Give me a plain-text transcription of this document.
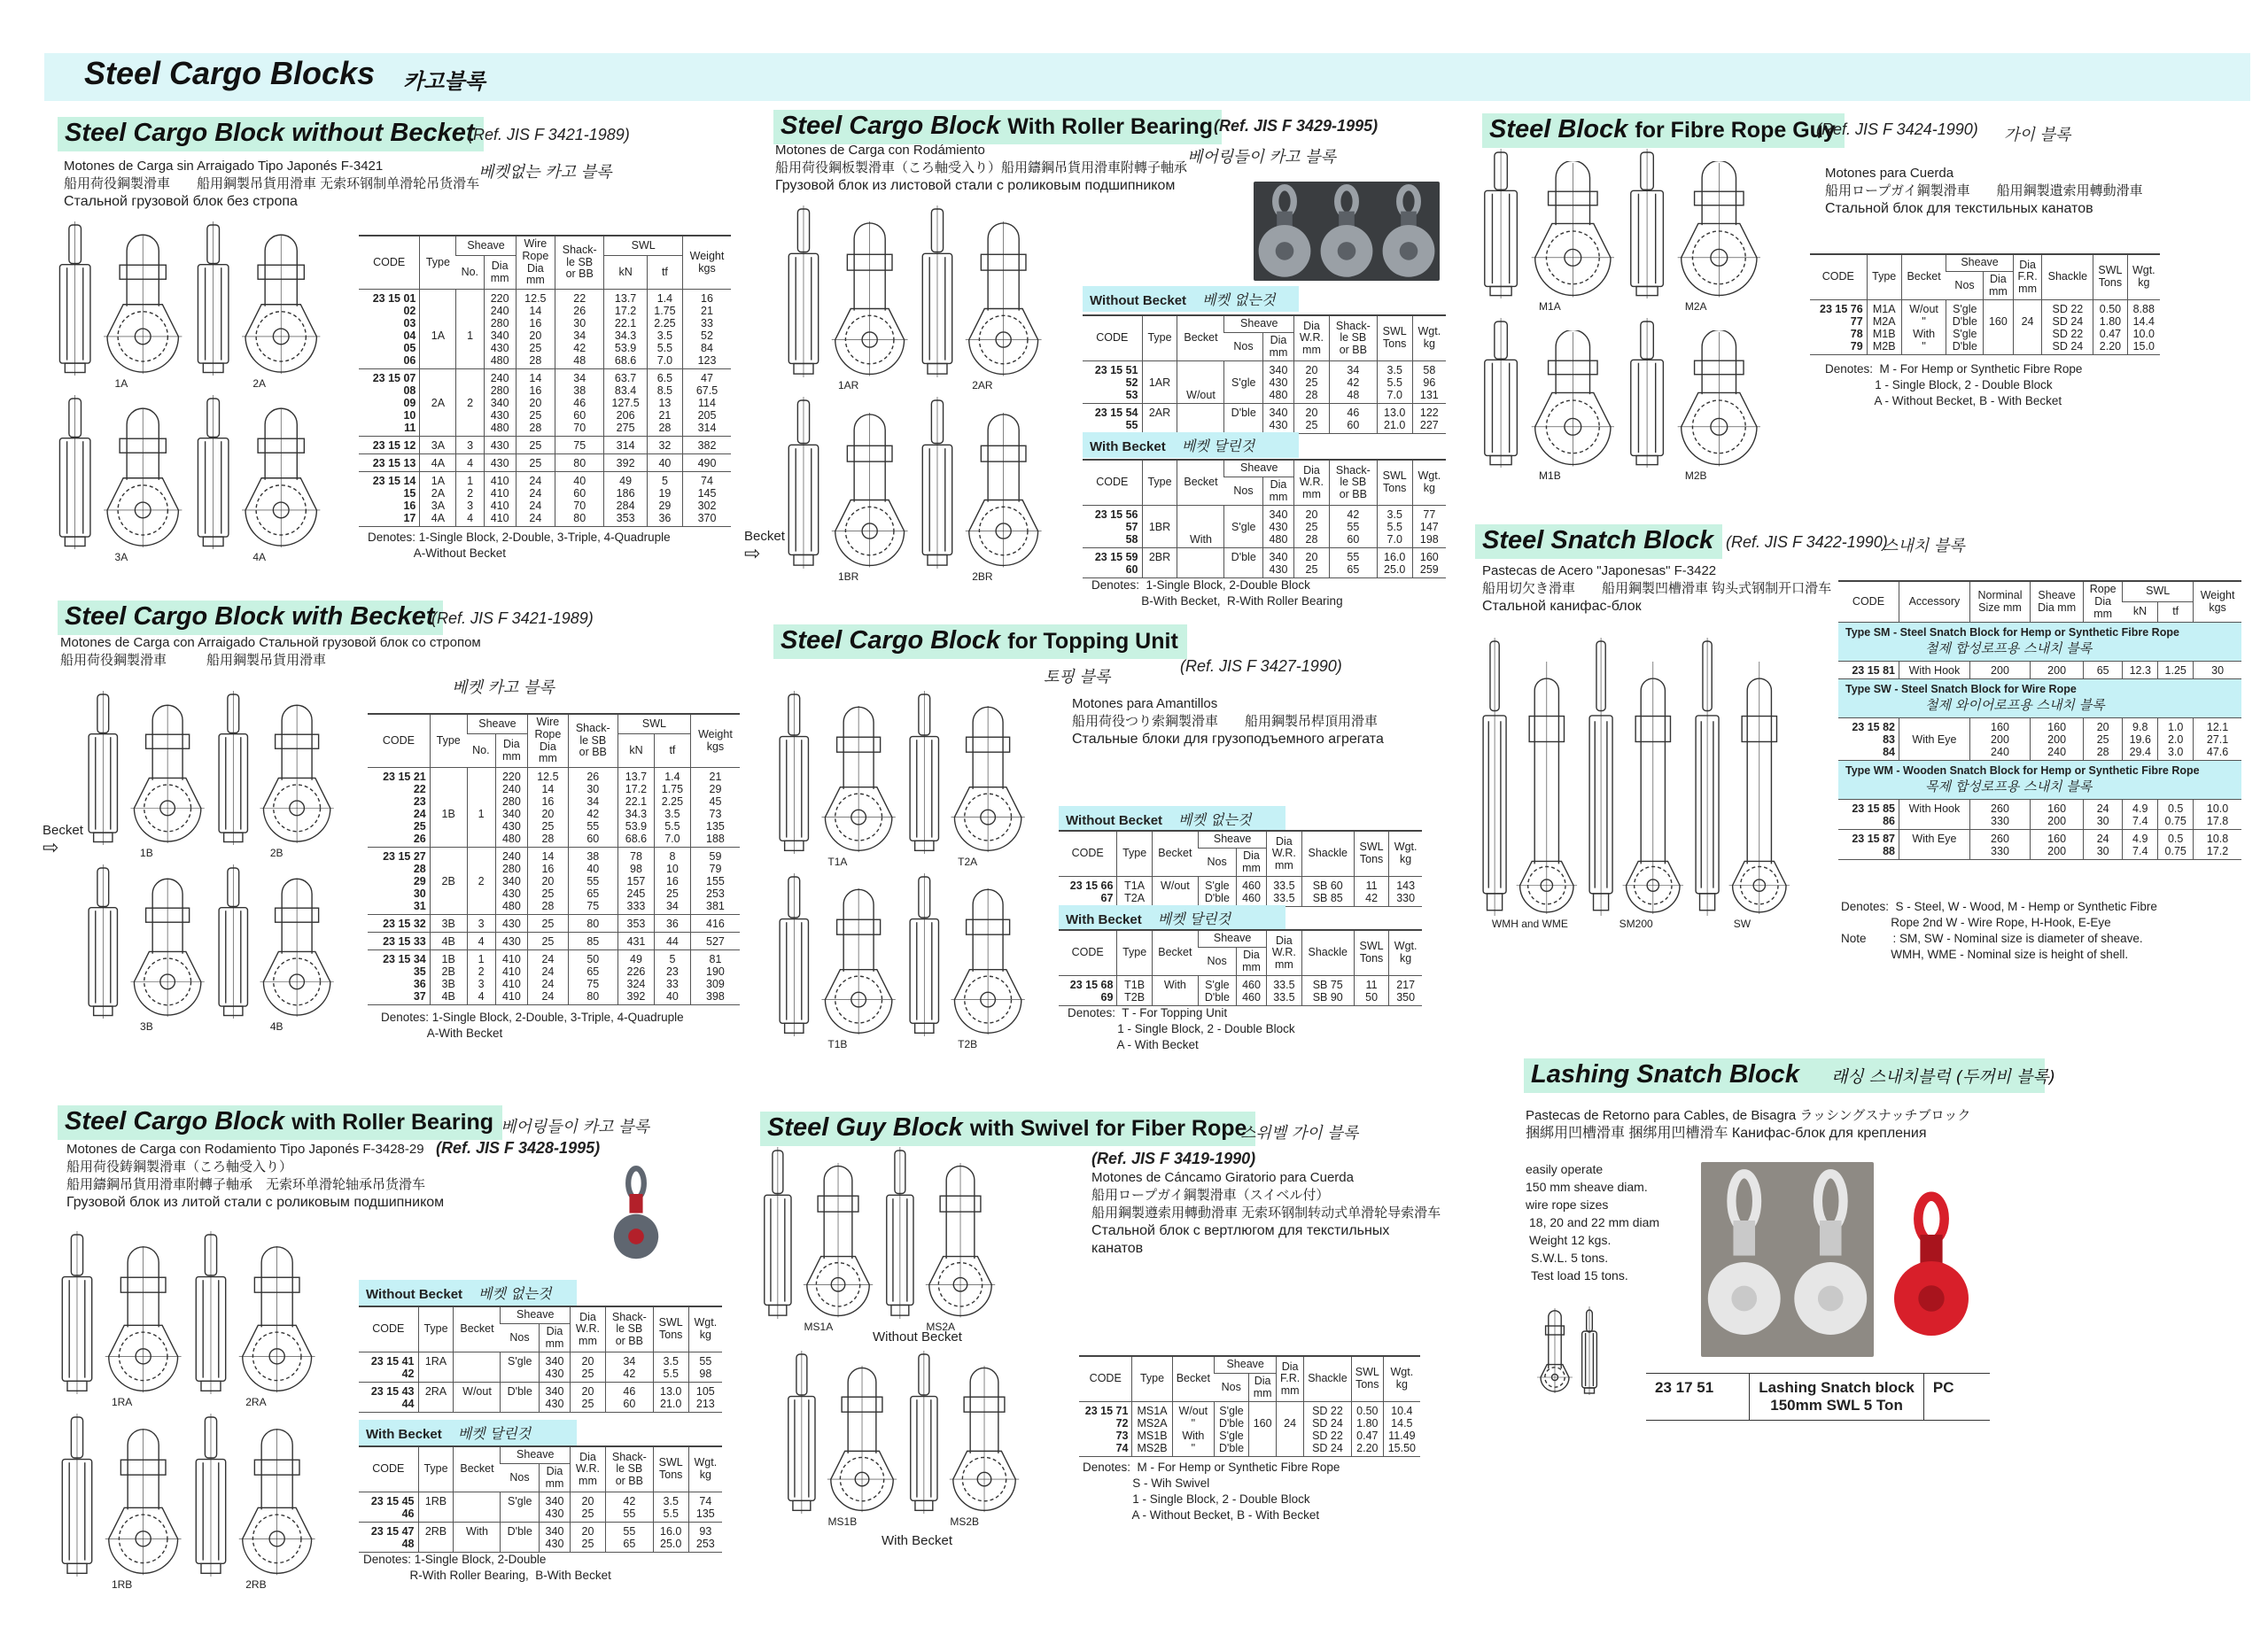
Steel Cargo Blocks 카고블록
Steel Cargo Block without Becket
(Ref. JIS F 3421-1989)
베켓없는 카고 블록
Motones de Carga sin Arraigado Tipo Japonés F-3421
船用荷役鋼製滑車　　船用鋼製吊貨用滑車 无索环钢制单滑轮吊货滑车
Стальной грузовой блок без стропа
1A	2A
3A	4A
CODE	Type	Sheave		Wire
Rope
Dia
mm	Shack-
le SB
or BB	SWL		Weight
kgs
		No.	Dia
mm			kN	tf	
23 15 01			220	12.5	22	13.7	1.4	16
02			240	14	26	17.2	1.75	21
03			280	16	30	22.1	2.25	33
04	1A	1	340	20	34	34.3	3.5	52
05			430	25	42	53.9	5.5	84
06			480	28	48	68.6	7.0	123
23 15 07			240	14	34	63.7	6.5	47
08			280	16	38	83.4	8.5	67.5
09	2A	2	340	20	46	127.5	13	114
10			430	25	60	206	21	205
11			480	28	70	275	28	314
23 15 12	3A	3	430	25	75	314	32	382
23 15 13	4A	4	430	25	80	392	40	490
23 15 14	1A	1	410	24	40	49	5	74
15	2A	2	410	24	60	186	19	145
16	3A	3	410	24	70	284	29	302
17	4A	4	410	24	80	353	36	370
Denotes: 1-Single Block, 2-Double, 3-Triple, 4-Quadruple
A-Without Becket
Steel Cargo Block with Becket
(Ref. JIS F 3421-1989)
Motones de Carga con Arraigado Стальной грузовой блок со стропом
船用荷役鋼製滑車　　　船用鋼製吊貨用滑車
베켓 카고 블록
Becket
⇨	1B	2B
3B	4B
CODE	Type	Sheave		Wire
Rope
Dia
mm	Shack-
le SB
or BB	SWL		Weight
kgs
		No.	Dia
mm			kN	tf	
23 15 21			220	12.5	26	13.7	1.4	21
22			240	14	30	17.2	1.75	29
23			280	16	34	22.1	2.25	45
24	1B	1	340	20	42	34.3	3.5	73
25			430	25	55	53.9	5.5	135
26			480	28	60	68.6	7.0	188
23 15 27			240	14	38	78	8	59
28			280	16	40	98	10	79
29	2B	2	340	20	55	157	16	155
30			430	25	65	245	25	253
31			480	28	75	333	34	381
23 15 32	3B	3	430	25	80	353	36	416
23 15 33	4B	4	430	25	85	431	44	527
23 15 34	1B	1	410	24	50	49	5	81
35	2B	2	410	24	65	226	23	190
36	3B	3	410	24	75	324	33	309
37	4B	4	410	24	80	392	40	398
Denotes: 1-Single Block, 2-Double, 3-Triple, 4-Quadruple
A-With Becket
Steel Cargo Block with Roller Bearing 베어링들이 카고 블록
(Ref. JIS F 3428-1995)
Motones de Carga con Rodamiento Tipo Japonés F-3428-29
船用荷役鋳鋼製滑車（ころ軸受入り）
船用鑄鋼吊貨用滑車附轉子軸承　无索环单滑轮轴承吊货滑车
Грузовой блок из литой стали с роликовым подшипником
1RA	2RA
1RB	2RB
Without Becket 베켓 없는것
CODE	Type	Becket	Sheave		Dia
W.R.
mm	Shack-
le SB
or BB	SWL
Tons	Wgt.
kg
			Nos	Dia
mm				
23 15 41	1RA		S'gle	340	20	34	3.5	55
42				430	25	42	5.5	98
23 15 43	2RA	W/out	D'ble	340	20	46	13.0	105
44				430	25	60	21.0	213
With Becket 베켓 달린것
CODE	Type	Becket	Sheave		Dia
W.R.
mm	Shack-
le SB
or BB	SWL
Tons	Wgt.
kg
			Nos	Dia
mm				
23 15 45	1RB		S'gle	340	20	42	3.5	74
46				430	25	55	5.5	135
23 15 47	2RB	With	D'ble	340	20	55	16.0	93
48				430	25	65	25.0	253
Denotes: 1-Single Block, 2-Double
R-With Roller Bearing,  B-With Becket
Steel Cargo Block With Roller Bearing (Ref. JIS F 3429-1995)
베어링들이 카고 블록
Motones de Carga con Rodámiento
船用荷役鋼板製滑車（ころ軸受入り）船用鑄鋼吊貨用滑車附轉子軸承
Грузовой блок из листовой стали с роликовым подшипником
1AR	2AR
1BR	2BR
Becket
⇨
Without Becket 베켓 없는것
CODE	Type	Becket	Sheave		Dia
W.R.
mm	Shack-
le SB
or BB	SWL
Tons	Wgt.
kg
			Nos	Dia
mm				
23 15 51				340	20	34	3.5	58
52	1AR		S'gle	430	25	42	5.5	96
53		W/out		480	28	48	7.0	131
23 15 54	2AR		D'ble	340	20	46	13.0	122
55				430	25	60	21.0	227
With Becket 베켓 달린것
CODE	Type	Becket	Sheave		Dia
W.R.
mm	Shack-
le SB
or BB	SWL
Tons	Wgt.
kg
			Nos	Dia
mm				
23 15 56				340	20	42	3.5	77
57	1BR		S'gle	430	25	55	5.5	147
58		With		480	28	60	7.0	198
23 15 59	2BR		D'ble	340	20	55	16.0	160
60				430	25	65	25.0	259
Denotes:  1-Single Block, 2-Double Block
B-With Becket,  R-With Roller Bearing
Steel Cargo Block for Topping Unit
토핑 블록
(Ref. JIS F 3427-1990)
Motones para Amantillos
船用荷役つり索鋼製滑車　　船用鋼製吊桿頂用滑車
Стальные блоки для грузоподъемного агрегата
T1A	T2A
T1B	T2B
Without Becket 베켓 없는것
CODE	Type	Becket	Sheave		Dia
W.R.
mm	Shackle	SWL
Tons	Wgt.
kg
			Nos	Dia
mm				
23 15 66	T1A	W/out	S'gle	460	33.5	SB 60	11	143
67	T2A		D'ble	460	33.5	SB 85	42	330
With Becket 베켓 달린것
CODE	Type	Becket	Sheave		Dia
W.R.
mm	Shackle	SWL
Tons	Wgt.
kg
			Nos	Dia
mm				
23 15 68	T1B	With	S'gle	460	33.5	SB 75	11	217
69	T2B		D'ble	460	33.5	SB 90	50	350
Denotes:  T - For Topping Unit
1 - Single Block, 2 - Double Block
A - With Becket
Steel Guy Block with Swivel for Fiber Rope
스위벨 가이 블록
(Ref. JIS F 3419-1990)
Motones de Cáncamo Giratorio para Cuerda
船用ロープガイ鋼製滑車（スイベル付）
船用鋼製遵索用轉動滑車 无索环钢制转动式单滑轮导索滑车
Стальной блок с вертлюгом для текстильных
канатов
MS1A	MS2A
Without Becket
MS1B	MS2B
With Becket
CODE	Type	Becket	Sheave		Dia
F.R.
mm	Shackle	SWL
Tons	Wgt.
kg
			Nos	Dia
mm				
23 15 71	MS1A	W/out	S'gle			SD 22	0.50	10.4
72	MS2A	"	D'ble	160	24	SD 24	1.80	14.5
73	MS1B	With	S'gle			SD 22	0.47	11.49
74	MS2B	"	D'ble			SD 24	2.20	15.50
Denotes:  M - For Hemp or Synthetic Fibre Rope
S - Wih Swivel
1 - Single Block, 2 - Double Block
A - Without Becket, B - With Becket
Steel Block for Fibre Rope Guy
(Ref. JIS F 3424-1990) 가이 블록
Motones para Cuerda
船用ロープガイ鋼製滑車　　船用鋼製遺索用轉動滑車
Стальной блок для текстильных канатов
M1A	M2A
M1B	M2B
CODE	Type	Becket	Sheave		Dia
F.R.
mm	Shackle	SWL
Tons	Wgt.
kg
			Nos	Dia
mm				
23 15 76	M1A	W/out	S'gle			SD 22	0.50	8.88
77	M2A	"	D'ble	160	24	SD 24	1.80	14.4
78	M1B	With	S'gle			SD 22	0.47	10.0
79	M2B	"	D'ble			SD 24	2.20	15.0
Denotes:  M - For Hemp or Synthetic Fibre Rope
1 - Single Block, 2 - Double Block
A - Without Becket, B - With Becket
Steel Snatch Block (Ref. JIS F 3422-1990)
스내치 블록
Pastecas de Acero "Japonesas" F-3422
船用切欠き滑車　　船用鋼製凹槽滑車 钩头式钢制开口滑车
Стальной канифас-блок
WMH and WME	SM200	SW
CODE	Accessory	Norminal
Size mm	Sheave
Dia mm	Rope
Dia
mm	SWL		Weight
kgs
					kN	tf	
Type SM - Steel Snatch Block for Hemp or Synthetic Fibre Rope
철제 합성로프용 스내치 블록							

23 15 81	With Hook	200	200	65	12.3	1.25	30
Type SW - Steel Snatch Block for Wire Rope
철제 와이어로프용 스내치 블록							

23 15 82		160	160	20	9.8	1.0	12.1
83	With Eye	200	200	25	19.6	2.0	27.1
84		240	240	28	29.4	3.0	47.6
Type WM - Wooden Snatch Block for Hemp or Synthetic Fibre Rope
목제 합성로프용 스내치 블록							

23 15 85	With Hook	260	160	24	4.9	0.5	10.0
86		330	200	30	7.4	0.75	17.8
23 15 87	With Eye	260	160	24	4.9	0.5	10.8
88		330	200	30	7.4	0.75	17.2
Denotes:  S - Steel, W - Wood, M - Hemp or Synthetic Fibre
Rope 2nd W - Wire Rope, H-Hook, E-Eye
Note        : SM, SW - Nominal size is diameter of sheave.
WMH, WME - Nominal size is height of shell.
Lashing Snatch Block 래싱 스내치블럭 (두꺼비 블록)
Pastecas de Retorno para Cables, de Bisagra ラッシングスナッチブロック
捆綁用凹槽滑車 捆绑用凹槽滑车 Канифас-блок для крепления
easily operate
150 mm sheave diam.
wire rope sizes
18, 20 and 22 mm diam
Weight 12 kgs.
S.W.L. 5 tons.
Test load 15 tons.
23 17 51	Lashing Snatch block
150mm SWL 5 Ton	PC
